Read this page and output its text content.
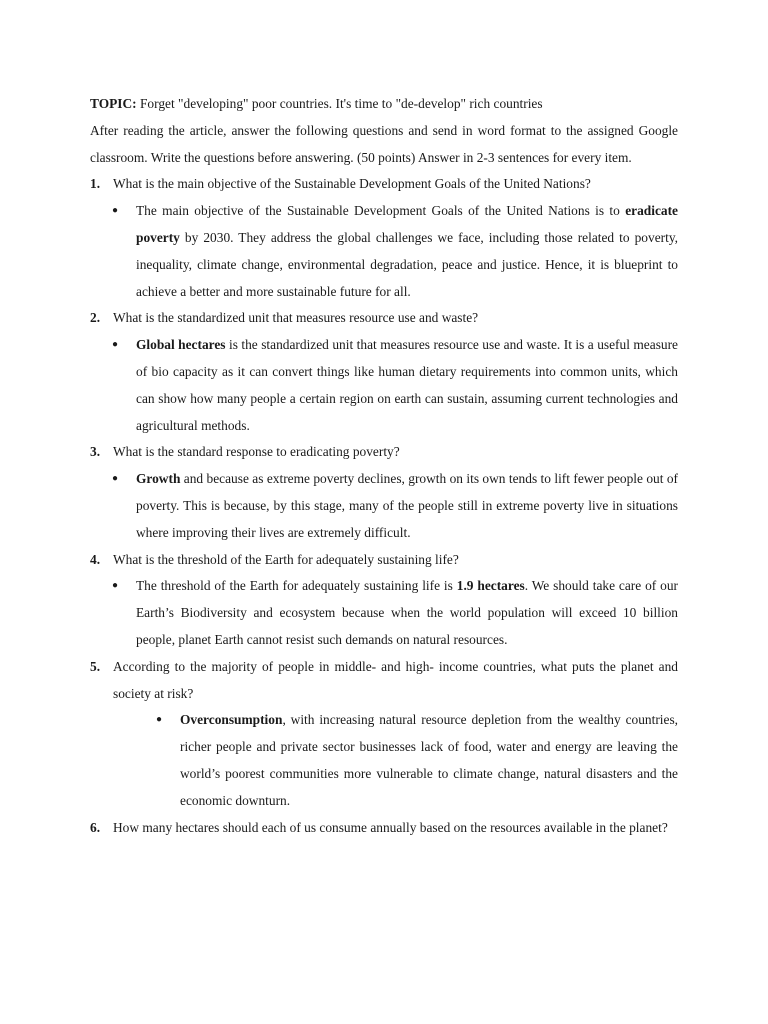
TOPIC: Forget "developing" poor countries. It's time to "de-develop" rich countries

After reading the article, answer the following questions and send in word format to the assigned Google classroom. Write the questions before answering. (50 points) Answer in 2-3 sentences for every item.

1. What is the main objective of the Sustainable Development Goals of the United Nations?
●	The main objective of the Sustainable Development Goals of the United Nations is to eradicate poverty by 2030. They address the global challenges we face, including those related to poverty, inequality, climate change, environmental degradation, peace and justice. Hence, it is blueprint to achieve a better and more sustainable future for all.
2. What is the standardized unit that measures resource use and waste?
●	Global hectares is the standardized unit that measures resource use and waste. It is a useful measure of bio capacity as it can convert things like human dietary requirements into common units, which can show how many people a certain region on earth can sustain, assuming current technologies and agricultural methods.
3. What is the standard response to eradicating poverty?
●	Growth and because as extreme poverty declines, growth on its own tends to lift fewer people out of poverty. This is because, by this stage, many of the people still in extreme poverty live in situations where improving their lives are extremely difficult.
4. What is the threshold of the Earth for adequately sustaining life?
●	The threshold of the Earth for adequately sustaining life is 1.9 hectares. We should take care of our Earth’s Biodiversity and ecosystem because when the world population will exceed 10 billion people, planet Earth cannot resist such demands on natural resources.
5. According to the majority of people in middle- and high- income countries, what puts the planet and society at risk?
●	Overconsumption, with increasing natural resource depletion from the wealthy countries, richer people and private sector businesses lack of food, water and energy are leaving the world’s poorest communities more vulnerable to climate change, natural disasters and the economic downturn.
6. How many hectares should each of us consume annually based on the resources available in the planet?
